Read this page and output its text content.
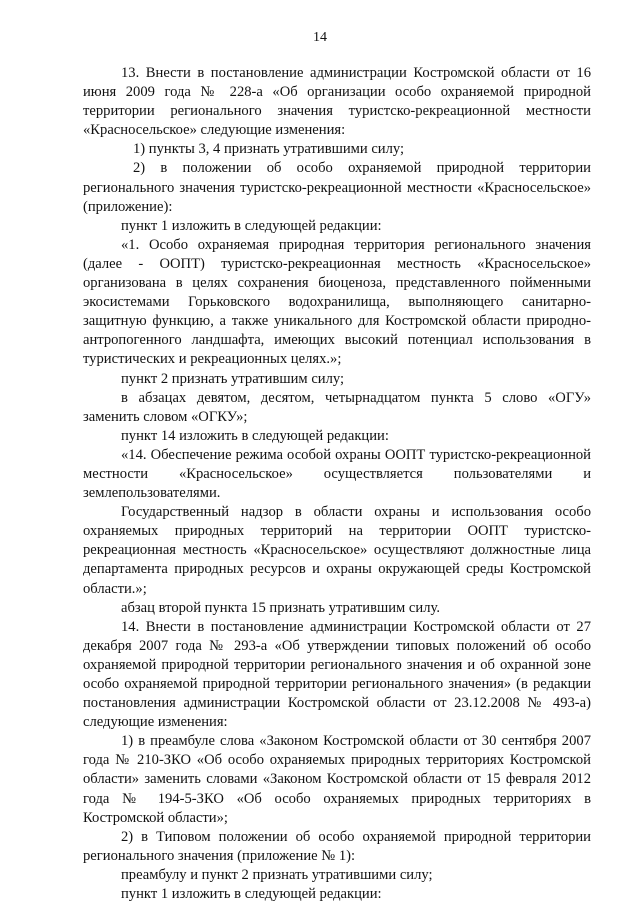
14

13. Внести в постановление администрации Костромской области от 16 июня 2009 года № 228-а «Об организации особо охраняемой природной территории регионального значения туристско-рекреационной местности «Красносельское» следующие изменения:

1) пункты 3, 4 признать утратившими силу;

2) в положении об особо охраняемой природной территории регионального значения туристско-рекреационной местности «Красносельское» (приложение):

пункт 1 изложить в следующей редакции:

«1. Особо охраняемая природная территория регионального значения (далее - ООПТ) туристско-рекреационная местность «Красносельское» организована в целях сохранения биоценоза, представленного пойменными экосистемами Горьковского водохранилища, выполняющего санитарно-защитную функцию, а также уникального для Костромской области природно-антропогенного ландшафта, имеющих высокий потенциал использования в туристических и рекреационных целях.»;

пункт 2 признать утратившим силу;

в абзацах девятом, десятом, четырнадцатом пункта 5 слово «ОГУ» заменить словом «ОГКУ»;

пункт 14 изложить в следующей редакции:

«14. Обеспечение режима особой охраны ООПТ туристско-рекреационной местности «Красносельское» осуществляется пользователями и землепользователями.

Государственный надзор в области охраны и использования особо охраняемых природных территорий на территории ООПТ туристско-рекреационная местность «Красносельское» осуществляют должностные лица департамента природных ресурсов и охраны окружающей среды Костромской области.»;

абзац второй пункта 15 признать утратившим силу.

14. Внести в постановление администрации Костромской области от 27 декабря 2007 года № 293-а «Об утверждении типовых положений об особо охраняемой природной территории регионального значения и об охранной зоне особо охраняемой природной территории регионального значения» (в редакции постановления администрации Костромской области от 23.12.2008 № 493-а) следующие изменения:

1) в преамбуле слова «Законом Костромской области от 30 сентября 2007 года № 210-ЗКО «Об особо охраняемых природных территориях Костромской области» заменить словами «Законом Костромской области от 15 февраля 2012 года № 194-5-ЗКО «Об особо охраняемых природных территориях в Костромской области»;

2) в Типовом положении об особо охраняемой природной территории регионального значения (приложение № 1):

преамбулу и пункт 2 признать утратившими силу;

пункт 1 изложить в следующей редакции:
